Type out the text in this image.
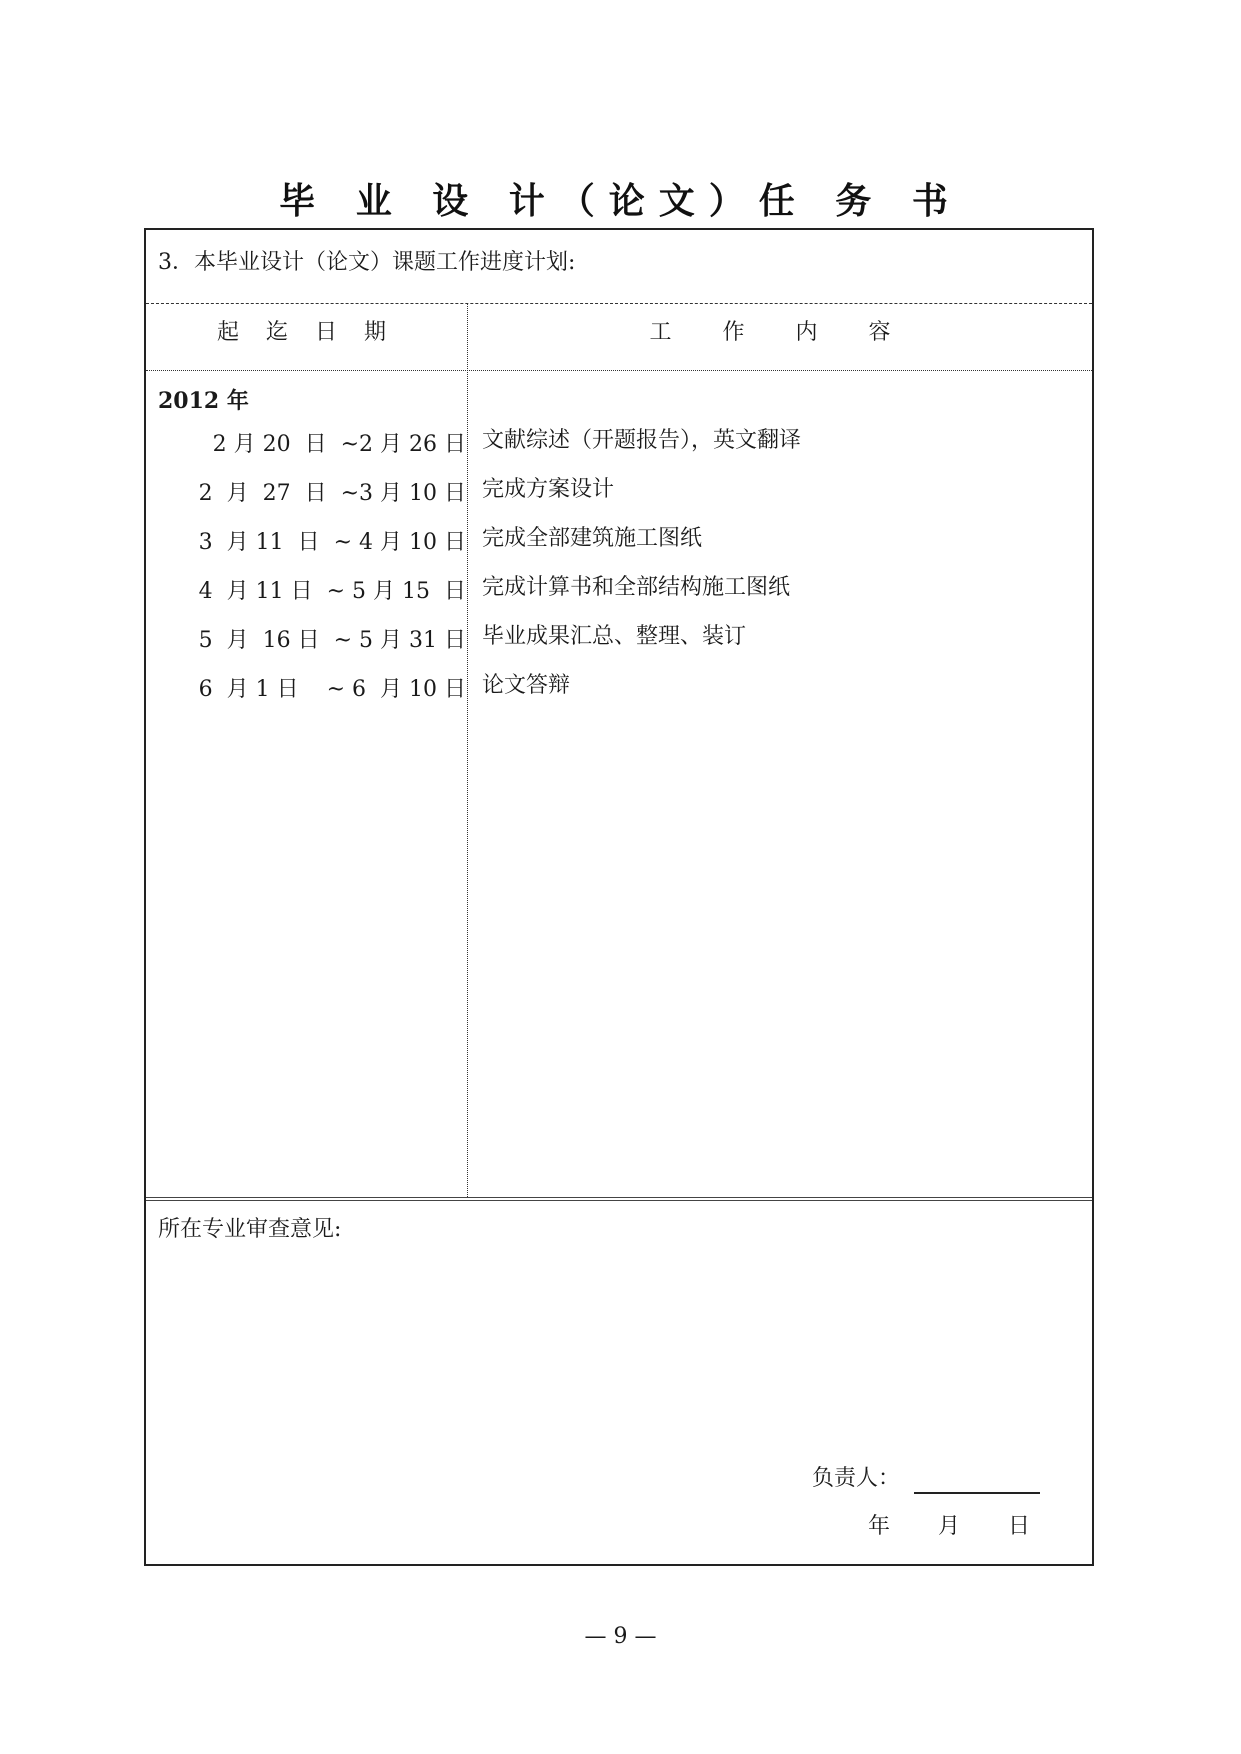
毕 业 设 计（论文）任 务 书
3．本毕业设计（论文）课题工作进度计划:
起 迄 日 期	工 作 内 容
2012 年
2 月 20  日  ~2 月 26 日 文献综述（开题报告），英文翻译
2  月  27  日  ~3 月 10 日 完成方案设计
3  月 11  日  ~ 4 月 10 日 完成全部建筑施工图纸
4  月 11 日  ~ 5 月 15  日 完成计算书和全部结构施工图纸
5  月  16 日  ~ 5 月 31 日 毕业成果汇总、整理、装订
6  月 1 日    ~ 6  月 10 日 论文答辩
所在专业审查意见:
负责人：
年    月    日
— 9 —
